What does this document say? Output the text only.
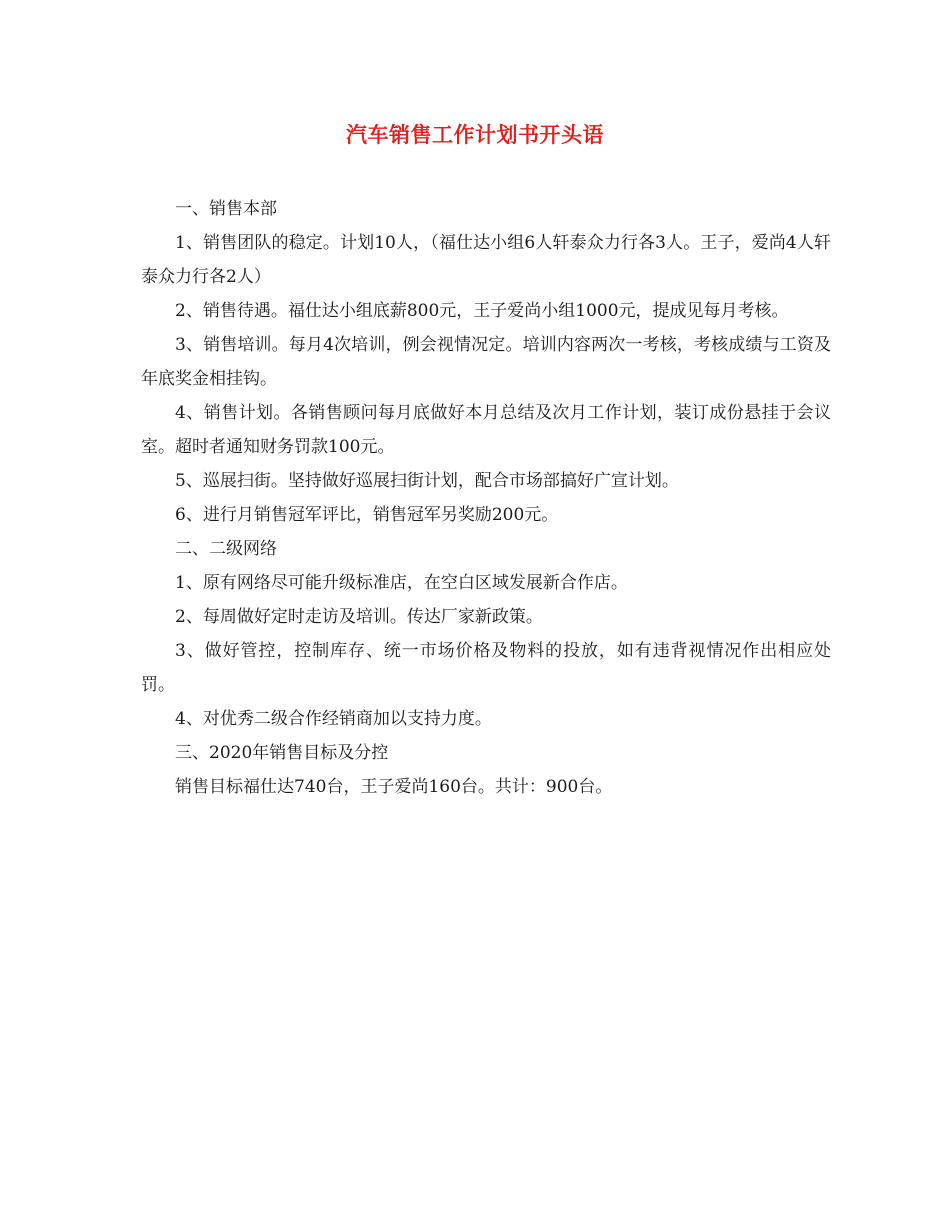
汽车销售工作计划书开头语

一、销售本部

1、销售团队的稳定。计划10人，（福仕达小组6人轩泰众力行各3人。王子，爱尚4人轩泰众力行各2人）

2、销售待遇。福仕达小组底薪800元，王子爱尚小组1000元，提成见每月考核。

3、销售培训。每月4次培训，例会视情况定。培训内容两次一考核，考核成绩与工资及年底奖金相挂钩。

4、销售计划。各销售顾问每月底做好本月总结及次月工作计划，装订成份悬挂于会议室。超时者通知财务罚款100元。

5、巡展扫街。坚持做好巡展扫街计划，配合市场部搞好广宣计划。

6、进行月销售冠军评比，销售冠军另奖励200元。

二、二级网络

1、原有网络尽可能升级标准店，在空白区域发展新合作店。

2、每周做好定时走访及培训。传达厂家新政策。

3、做好管控，控制库存、统一市场价格及物料的投放，如有违背视情况作出相应处罚。

4、对优秀二级合作经销商加以支持力度。

三、2020年销售目标及分控

销售目标福仕达740台，王子爱尚160台。共计：900台。
